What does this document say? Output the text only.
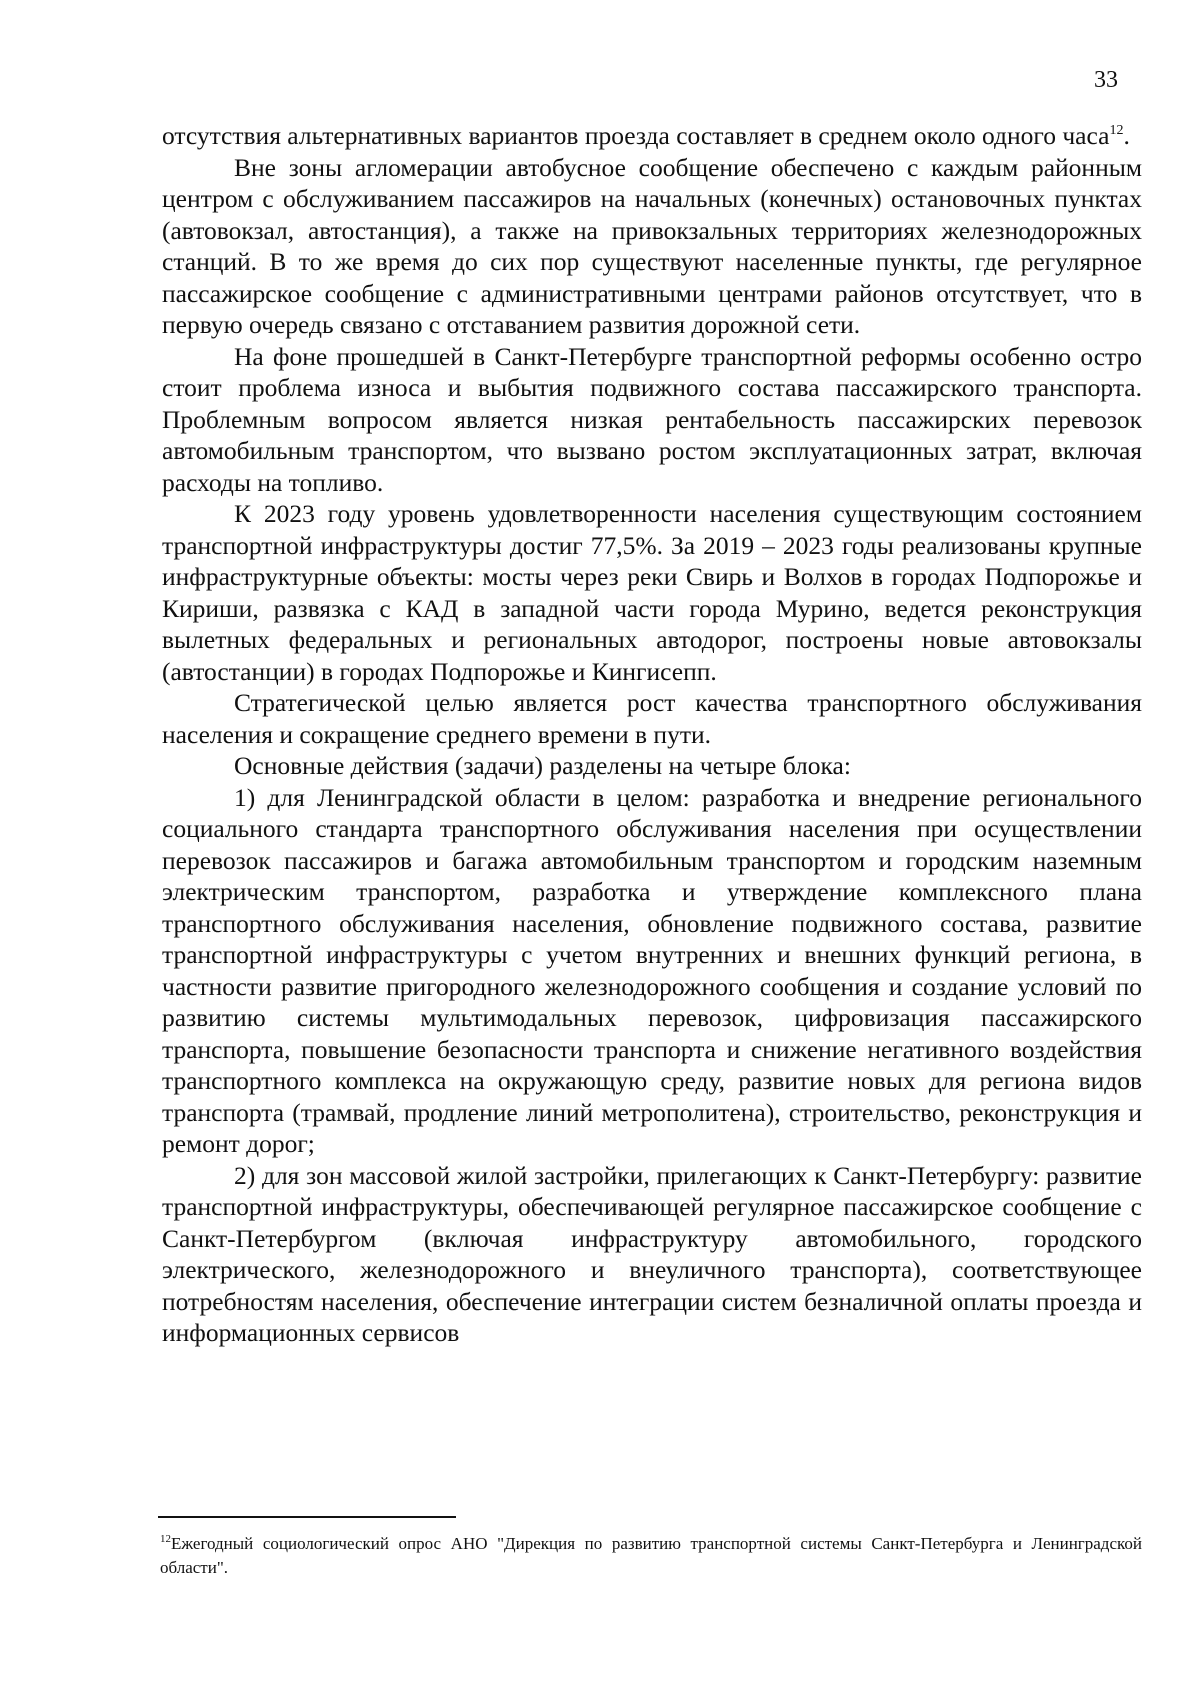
33

отсутствия альтернативных вариантов проезда составляет в среднем около одного часа$^{12}$.

Вне зоны агломерации автобусное сообщение обеспечено с каждым районным центром с обслуживанием пассажиров на начальных (конечных) остановочных пунктах (автовокзал, автостанция), а также на привокзальных территориях железнодорожных станций. В то же время до сих пор существуют населенные пункты, где регулярное пассажирское сообщение с административными центрами районов отсутствует, что в первую очередь связано с отставанием развития дорожной сети.

На фоне прошедшей в Санкт-Петербурге транспортной реформы особенно остро стоит проблема износа и выбытия подвижного состава пассажирского транспорта. Проблемным вопросом является низкая рентабельность пассажирских перевозок автомобильным транспортом, что вызвано ростом эксплуатационных затрат, включая расходы на топливо.

К 2023 году уровень удовлетворенности населения существующим состоянием транспортной инфраструктуры достиг 77,5%. За 2019 – 2023 годы реализованы крупные инфраструктурные объекты: мосты через реки Свирь и Волхов в городах Подпорожье и Кириши, развязка с КАД в западной части города Мурино, ведется реконструкция вылетных федеральных и региональных автодорог, построены новые автовокзалы (автостанции) в городах Подпорожье и Кингисепп.

Стратегической целью является рост качества транспортного обслуживания населения и сокращение среднего времени в пути.

Основные действия (задачи) разделены на четыре блока:

1) для Ленинградской области в целом: разработка и внедрение регионального социального стандарта транспортного обслуживания населения при осуществлении перевозок пассажиров и багажа автомобильным транспортом и городским наземным электрическим транспортом, разработка и утверждение комплексного плана транспортного обслуживания населения, обновление подвижного состава, развитие транспортной инфраструктуры с учетом внутренних и внешних функций региона, в частности развитие пригородного железнодорожного сообщения и создание условий по развитию системы мультимодальных перевозок, цифровизация пассажирского транспорта, повышение безопасности транспорта и снижение негативного воздействия транспортного комплекса на окружающую среду, развитие новых для региона видов транспорта (трамвай, продление линий метрополитена), строительство, реконструкция и ремонт дорог;

2) для зон массовой жилой застройки, прилегающих к Санкт-Петербургу: развитие транспортной инфраструктуры, обеспечивающей регулярное пассажирское сообщение с Санкт-Петербургом (включая инфраструктуру автомобильного, городского электрического, железнодорожного и внеуличного транспорта), соответствующее потребностям населения, обеспечение интеграции систем безналичной оплаты проезда и информационных сервисов

$^{12}$Ежегодный социологический опрос АНО "Дирекция по развитию транспортной системы Санкт-Петербурга и Ленинградской области".
